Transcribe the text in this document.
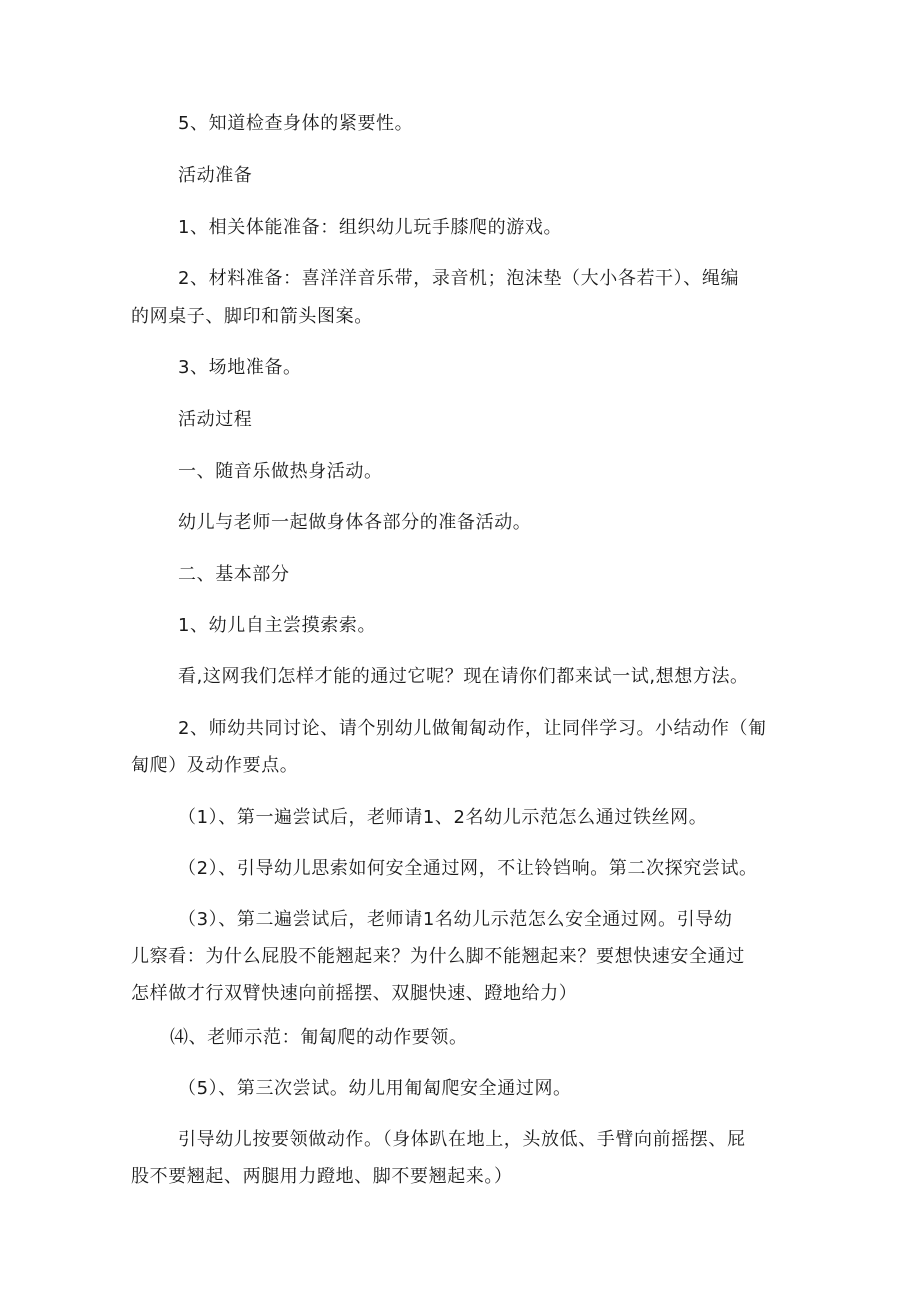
5、知道检查身体的紧要性。
活动准备
1、相关体能准备：组织幼儿玩手膝爬的游戏。
2、材料准备：喜洋洋音乐带，录音机；泡沫垫（大小各若干）、绳编
的网桌子、脚印和箭头图案。
3、场地准备。
活动过程
一、随音乐做热身活动。
幼儿与老师一起做身体各部分的准备活动。
二、基本部分
1、幼儿自主尝摸索索。
看,这网我们怎样才能的通过它呢？现在请你们都来试一试,想想方法。
2、师幼共同讨论、请个别幼儿做匍匐动作，让同伴学习。小结动作（匍
匐爬）及动作要点。
（1）、第一遍尝试后，老师请1、2名幼儿示范怎么通过铁丝网。
（2）、引导幼儿思索如何安全通过网，不让铃铛响。第二次探究尝试。
（3）、第二遍尝试后，老师请1名幼儿示范怎么安全通过网。引导幼
儿察看：为什么屁股不能翘起来？为什么脚不能翘起来？要想快速安全通过
怎样做才行双臂快速向前摇摆、双腿快速、蹬地给力）
⑷、老师示范：匍匐爬的动作要领。
（5）、第三次尝试。幼儿用匍匐爬安全通过网。
引导幼儿按要领做动作。（身体趴在地上，头放低、手臂向前摇摆、屁
股不要翘起、两腿用力蹬地、脚不要翘起来。）
